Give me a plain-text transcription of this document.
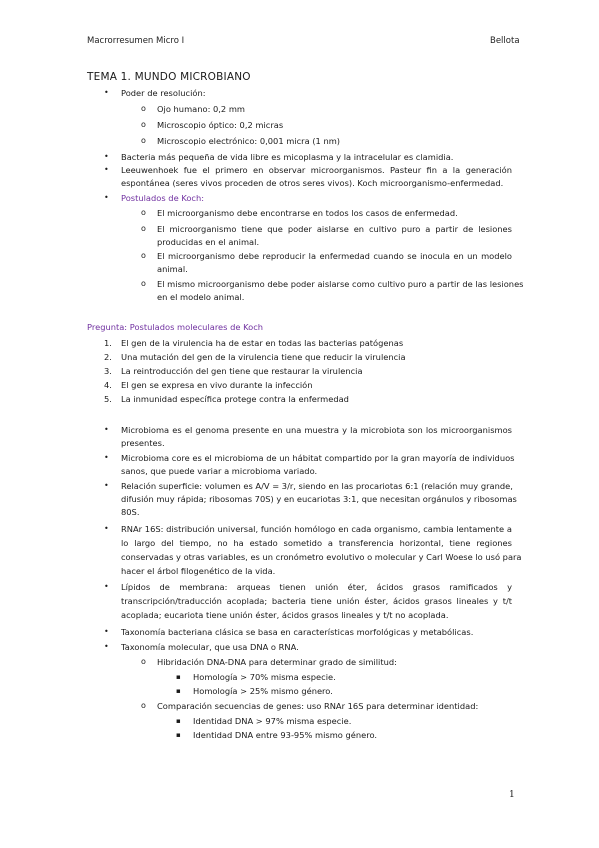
Macrorresumen Micro I	Bellota
TEMA 1. MUNDO MICROBIANO
• Poder de resolución:
o Ojo humano: 0,2 mm
o Microscopio óptico: 0,2 micras
o Microscopio electrónico: 0,001 micra (1 nm)
• Bacteria más pequeña de vida libre es micoplasma y la intracelular es clamidia.
• Leeuwenhoek fue el primero en observar microorganismos. Pasteur fin a la generación
espontánea (seres vivos proceden de otros seres vivos). Koch microorganismo-enfermedad.
• Postulados de Koch:
o El microorganismo debe encontrarse en todos los casos de enfermedad.
o El microorganismo tiene que poder aislarse en cultivo puro a partir de lesiones
producidas en el animal.
o El microorganismo debe reproducir la enfermedad cuando se inocula en un modelo
animal.
o El mismo microorganismo debe poder aislarse como cultivo puro a partir de las lesiones
en el modelo animal.
Pregunta: Postulados moleculares de Koch
1. El gen de la virulencia ha de estar en todas las bacterias patógenas
2. Una mutación del gen de la virulencia tiene que reducir la virulencia
3. La reintroducción del gen tiene que restaurar la virulencia
4. El gen se expresa en vivo durante la infección
5. La inmunidad específica protege contra la enfermedad
• Microbioma es el genoma presente en una muestra y la microbiota son los microorganismos
presentes.
• Microbioma core es el microbioma de un hábitat compartido por la gran mayoría de individuos
sanos, que puede variar a microbioma variado.
• Relación superficie: volumen es A/V = 3/r, siendo en las procariotas 6:1 (relación muy grande,
difusión muy rápida; ribosomas 70S) y en eucariotas 3:1, que necesitan orgánulos y ribosomas
80S.
• RNAr 16S: distribución universal, función homólogo en cada organismo, cambia lentamente a
lo largo del tiempo, no ha estado sometido a transferencia horizontal, tiene regiones
conservadas y otras variables, es un cronómetro evolutivo o molecular y Carl Woese lo usó para
hacer el árbol filogenético de la vida.
• Lípidos de membrana: arqueas tienen unión éter, ácidos grasos ramificados y
transcripción/traducción acoplada; bacteria tiene unión éster, ácidos grasos lineales y t/t
acoplada; eucariota tiene unión éster, ácidos grasos lineales y t/t no acoplada.
• Taxonomía bacteriana clásica se basa en características morfológicas y metabólicas.
• Taxonomía molecular, que usa DNA o RNA.
o Hibridación DNA-DNA para determinar grado de similitud:
▪ Homología > 70% misma especie.
▪ Homología > 25% mismo género.
o Comparación secuencias de genes: uso RNAr 16S para determinar identidad:
▪ Identidad DNA > 97% misma especie.
▪ Identidad DNA entre 93-95% mismo género.
1
